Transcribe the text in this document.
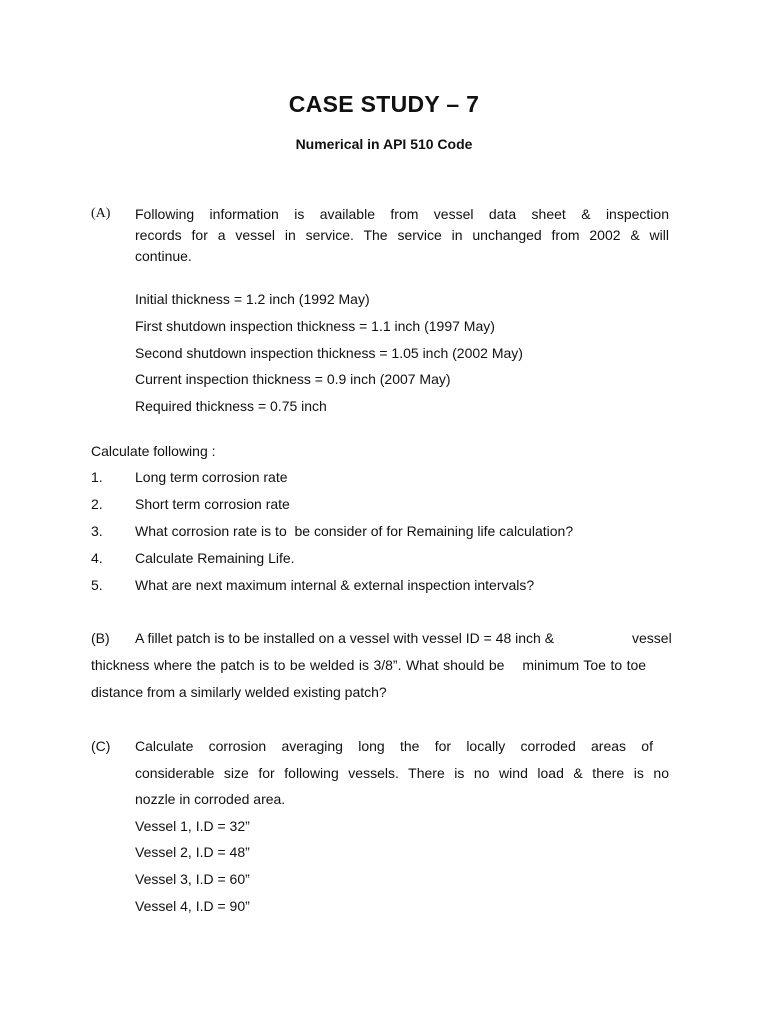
CASE STUDY – 7
Numerical in API 510 Code
(A) Following information is available from vessel data sheet & inspection
records for a vessel in service. The service in unchanged from 2002 & will
continue.
Initial thickness = 1.2 inch (1992 May)
First shutdown inspection thickness = 1.1 inch (1997 May)
Second shutdown inspection thickness = 1.05 inch (2002 May)
Current inspection thickness = 0.9 inch (2007 May)
Required thickness = 0.75 inch
Calculate following :
1. Long term corrosion rate
2. Short term corrosion rate
3. What corrosion rate is to  be consider of for Remaining life calculation?
4. Calculate Remaining Life.
5. What are next maximum internal & external inspection intervals?
(B) A fillet patch is to be installed on a vessel with vessel ID = 48 inch &	vessel
thickness where the patch is to be welded is 3/8”. What should be    minimum Toe to toe
distance from a similarly welded existing patch?
(C) Calculate corrosion averaging long the for locally corroded areas of
considerable size for following vessels. There is no wind load & there is no
nozzle in corroded area.
Vessel 1, I.D = 32”
Vessel 2, I.D = 48”
Vessel 3, I.D = 60”
Vessel 4, I.D = 90”
